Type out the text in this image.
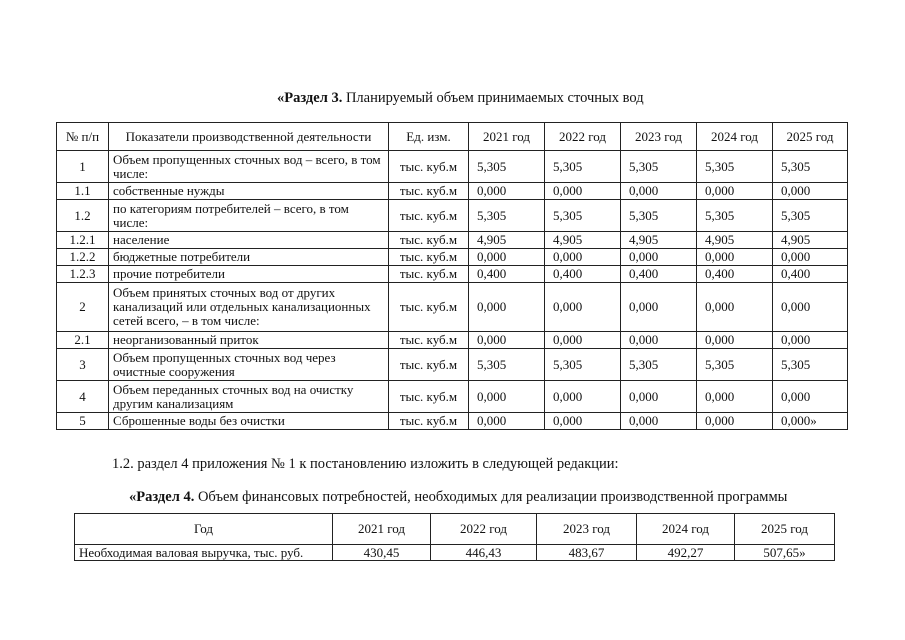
«Раздел 3. Планируемый объем принимаемых сточных вод
№ п/п	Показатели производственной деятельности	Ед. изм.	2021 год	2022 год	2023 год	2024 год	2025 год
1	Объем пропущенных сточных вод – всего, в том числе:	тыс. куб.м	5,305	5,305	5,305	5,305	5,305
1.1	собственные нужды	тыс. куб.м	0,000	0,000	0,000	0,000	0,000
1.2	по категориям потребителей – всего, в том числе:	тыс. куб.м	5,305	5,305	5,305	5,305	5,305
1.2.1	население	тыс. куб.м	4,905	4,905	4,905	4,905	4,905
1.2.2	бюджетные потребители	тыс. куб.м	0,000	0,000	0,000	0,000	0,000
1.2.3	прочие потребители	тыс. куб.м	0,400	0,400	0,400	0,400	0,400
2	Объем принятых сточных вод от других канализаций или отдельных канализационных сетей всего, – в том числе:	тыс. куб.м	0,000	0,000	0,000	0,000	0,000
2.1	неорганизованный приток	тыс. куб.м	0,000	0,000	0,000	0,000	0,000
3	Объем пропущенных сточных вод через очистные сооружения	тыс. куб.м	5,305	5,305	5,305	5,305	5,305
4	Объем переданных сточных вод на очистку другим канализациям	тыс. куб.м	0,000	0,000	0,000	0,000	0,000
5	Сброшенные воды без очистки	тыс. куб.м	0,000	0,000	0,000	0,000	0,000»
1.2. раздел 4 приложения № 1 к постановлению изложить в следующей редакции:
«Раздел 4. Объем финансовых потребностей, необходимых для реализации производственной программы
Год	2021 год	2022 год	2023 год	2024 год	2025 год
Необходимая валовая выручка, тыс. руб.	430,45	446,43	483,67	492,27	507,65»
